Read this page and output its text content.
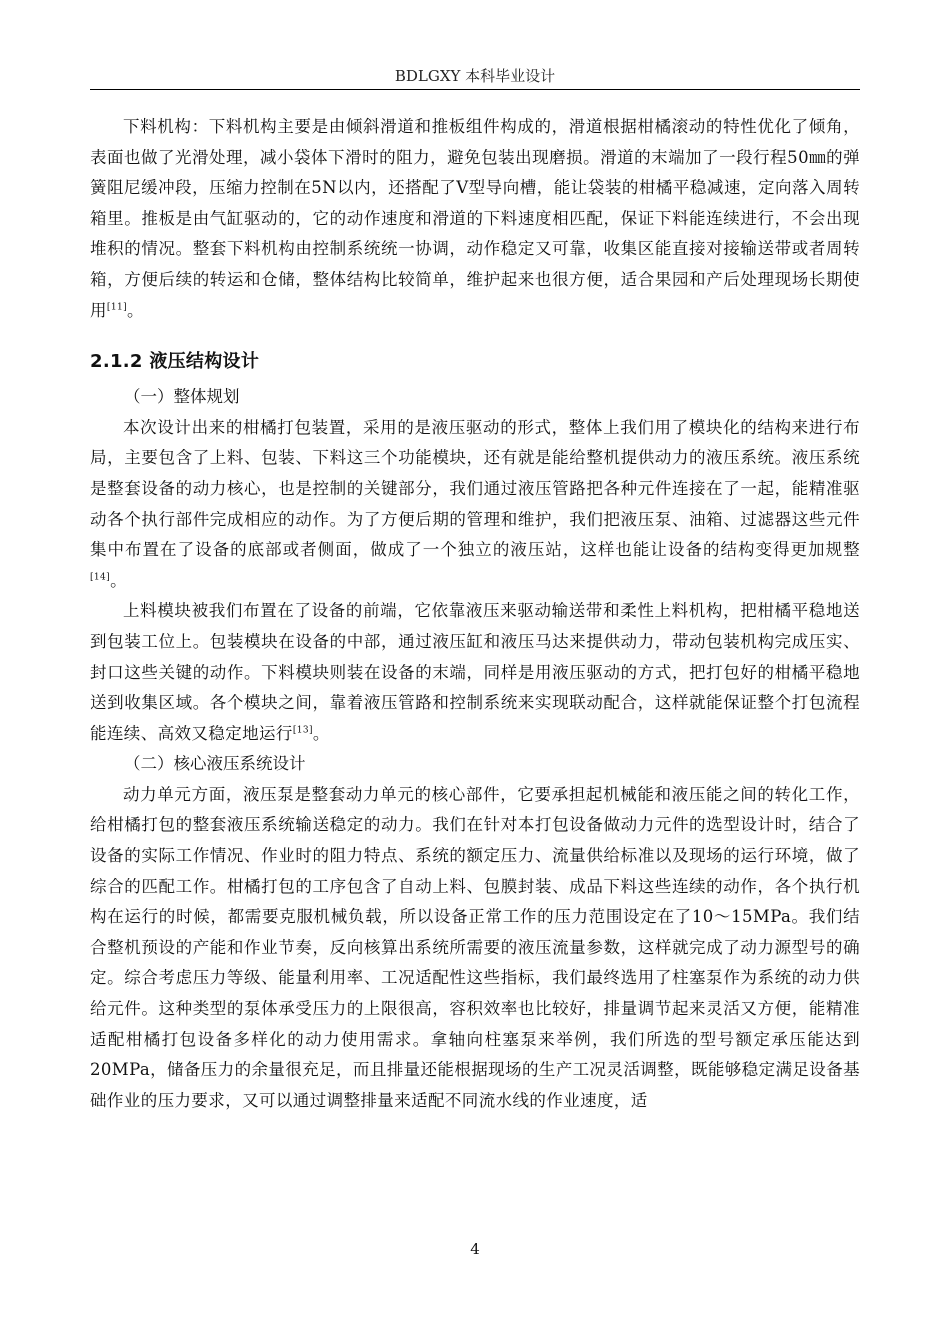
BDLGXY 本科毕业设计

下料机构：下料机构主要是由倾斜滑道和推板组件构成的，滑道根据柑橘滚动的特性优化了倾角，表面也做了光滑处理，减小袋体下滑时的阻力，避免包装出现磨损。滑道的末端加了一段行程50㎜的弹簧阻尼缓冲段，压缩力控制在5N以内，还搭配了V型导向槽，能让袋装的柑橘平稳减速，定向落入周转箱里。推板是由气缸驱动的，它的动作速度和滑道的下料速度相匹配，保证下料能连续进行，不会出现堆积的情况。整套下料机构由控制系统统一协调，动作稳定又可靠，收集区能直接对接输送带或者周转箱，方便后续的转运和仓储，整体结构比较简单，维护起来也很方便，适合果园和产后处理现场长期使用[11]。

2.1.2 液压结构设计

（一）整体规划

本次设计出来的柑橘打包装置，采用的是液压驱动的形式，整体上我们用了模块化的结构来进行布局，主要包含了上料、包装、下料这三个功能模块，还有就是能给整机提供动力的液压系统。液压系统是整套设备的动力核心，也是控制的关键部分，我们通过液压管路把各种元件连接在了一起，能精准驱动各个执行部件完成相应的动作。为了方便后期的管理和维护，我们把液压泵、油箱、过滤器这些元件集中布置在了设备的底部或者侧面，做成了一个独立的液压站，这样也能让设备的结构变得更加规整[14]。

上料模块被我们布置在了设备的前端，它依靠液压来驱动输送带和柔性上料机构，把柑橘平稳地送到包装工位上。包装模块在设备的中部，通过液压缸和液压马达来提供动力，带动包装机构完成压实、封口这些关键的动作。下料模块则装在设备的末端，同样是用液压驱动的方式，把打包好的柑橘平稳地送到收集区域。各个模块之间，靠着液压管路和控制系统来实现联动配合，这样就能保证整个打包流程能连续、高效又稳定地运行[13]。

（二）核心液压系统设计

动力单元方面，液压泵是整套动力单元的核心部件，它要承担起机械能和液压能之间的转化工作，给柑橘打包的整套液压系统输送稳定的动力。我们在针对本打包设备做动力元件的选型设计时，结合了设备的实际工作情况、作业时的阻力特点、系统的额定压力、流量供给标准以及现场的运行环境，做了综合的匹配工作。柑橘打包的工序包含了自动上料、包膜封装、成品下料这些连续的动作，各个执行机构在运行的时候，都需要克服机械负载，所以设备正常工作的压力范围设定在了10～15MPa。我们结合整机预设的产能和作业节奏，反向核算出系统所需要的液压流量参数，这样就完成了动力源型号的确定。综合考虑压力等级、能量利用率、工况适配性这些指标，我们最终选用了柱塞泵作为系统的动力供给元件。这种类型的泵体承受压力的上限很高，容积效率也比较好，排量调节起来灵活又方便，能精准适配柑橘打包设备多样化的动力使用需求。拿轴向柱塞泵来举例，我们所选的型号额定承压能达到20MPa，储备压力的余量很充足，而且排量还能根据现场的生产工况灵活调整，既能够稳定满足设备基础作业的压力要求，又可以通过调整排量来适配不同流水线的作业速度，适

4
